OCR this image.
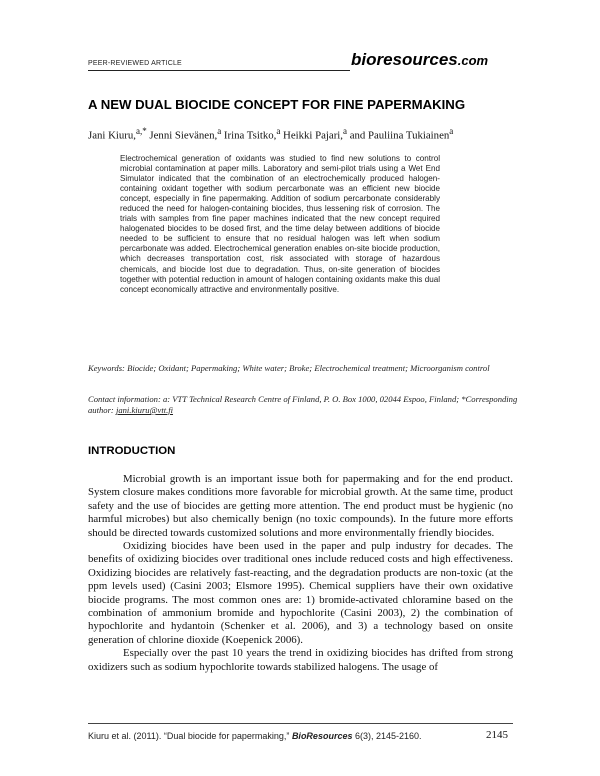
PEER-REVIEWED ARTICLE	bioresources.com
A NEW DUAL BIOCIDE CONCEPT FOR FINE PAPERMAKING
Jani Kiuru,$^{a,*}$ Jenni Sievänen,$^a$ Irina Tsitko,$^a$ Heikki Pajari,$^a$ and Pauliina Tukiainen$^a$
Electrochemical generation of oxidants was studied to find new solutions to control microbial contamination at paper mills. Laboratory and semi-pilot trials using a Wet End Simulator indicated that the combination of an electrochemically produced halogen-containing oxidant together with sodium percarbonate was an efficient new biocide concept, especially in fine papermaking. Addition of sodium percarbonate considerably reduced the need for halogen-containing biocides, thus lessening risk of corrosion. The trials with samples from fine paper machines indicated that the new concept required halogenated biocides to be dosed first, and the time delay between additions of biocide needed to be sufficient to ensure that no residual halogen was left when sodium percarbonate was added. Electrochemical generation enables on-site biocide production, which decreases transportation cost, risk associated with storage of hazardous chemicals, and biocide lost due to degradation. Thus, on-site generation of biocides together with potential reduction in amount of halogen containing oxidants make this dual concept economically attractive and environmentally positive.
Keywords: Biocide; Oxidant; Papermaking; White water; Broke; Electrochemical treatment; Microorganism control
Contact information: a: VTT Technical Research Centre of Finland, P. O. Box 1000, 02044 Espoo, Finland; *Corresponding author: jani.kiuru@vtt.fi
INTRODUCTION

Microbial growth is an important issue both for papermaking and for the end product. System closure makes conditions more favorable for microbial growth. At the same time, product safety and the use of biocides are getting more attention. The end product must be hygienic (no harmful microbes) but also chemically benign (no toxic compounds). In the future more efforts should be directed towards customized solutions and more environmentally friendly biocides.

Oxidizing biocides have been used in the paper and pulp industry for decades. The benefits of oxidizing biocides over traditional ones include reduced costs and high effectiveness. Oxidizing biocides are relatively fast-reacting, and the degradation products are non-toxic (at the ppm levels used) (Casini 2003; Elsmore 1995). Chemical suppliers have their own oxidative biocide programs. The most common ones are: 1) bromide-activated chloramine based on the combination of ammonium bromide and hypochlorite (Casini 2003), 2) the combination of hypochlorite and hydantoin (Schenker et al. 2006), and 3) a technology based on onsite generation of chlorine dioxide (Koepenick 2006).

Especially over the past 10 years the trend in oxidizing biocides has drifted from strong oxidizers such as sodium hypochlorite towards stabilized halogens. The usage of

Kiuru et al. (2011). “Dual biocide for papermaking,” BioResources 6(3), 2145-2160.	2145
